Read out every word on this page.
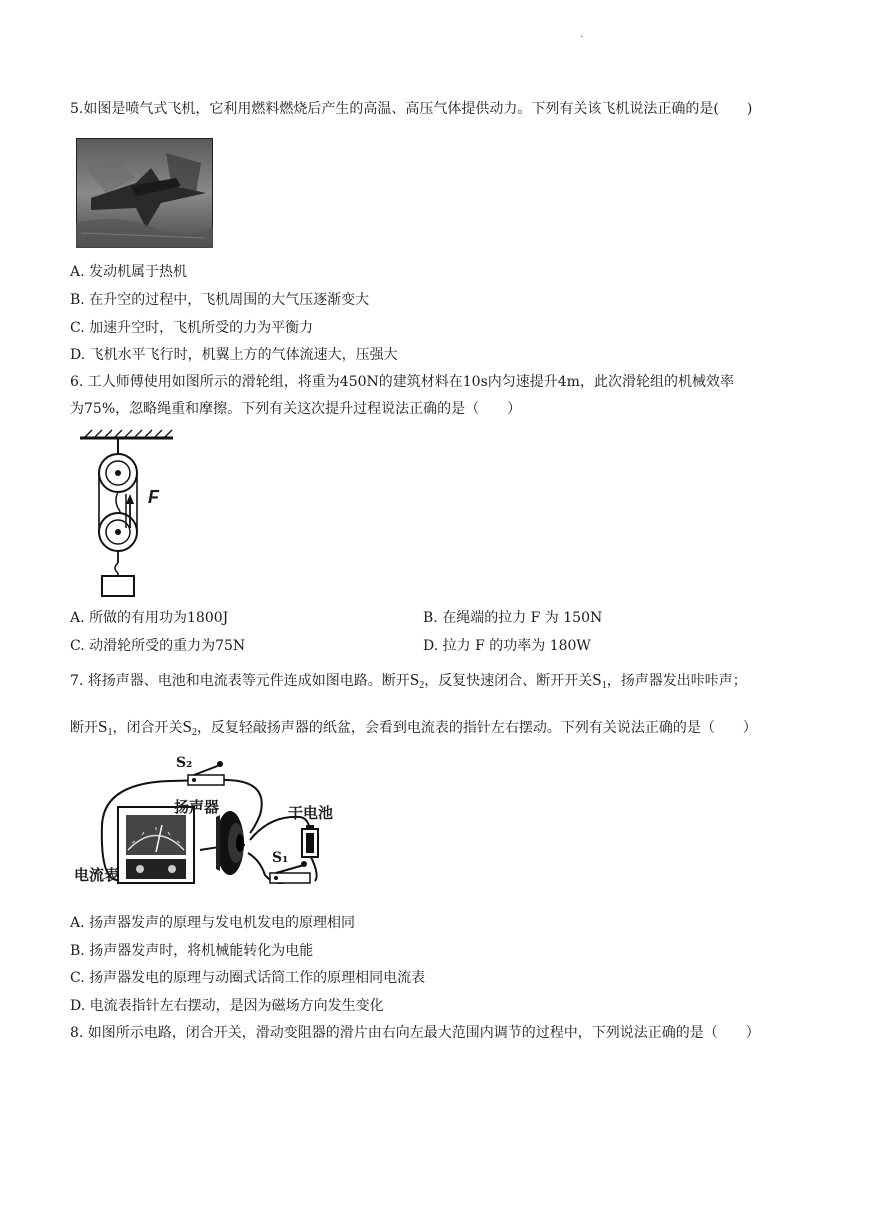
·
5.如图是喷气式飞机，它利用燃料燃烧后产生的高温、高压气体提供动力。下列有关该飞机说法正确的是(　　)
A. 发动机属于热机
B. 在升空的过程中，飞机周围的大气压逐渐变大
C. 加速升空时，飞机所受的力为平衡力
D. 飞机水平飞行时，机翼上方的气体流速大，压强大
6. 工人师傅使用如图所示的滑轮组，将重为450N的建筑材料在10s内匀速提升4m，此次滑轮组的机械效率
为75%，忽略绳重和摩擦。下列有关这次提升过程说法正确的是（　　）
F
A. 所做的有用功为1800J	B. 在绳端的拉力 F 为 150N
C. 动滑轮所受的重力为75N	D. 拉力 F 的功率为 180W
7. 将扬声器、电池和电流表等元件连成如图电路。断开$S_2$，反复快速闭合、断开开关$S_1$，扬声器发出咔咔声；
断开$S_1$，闭合开关$S_2$，反复轻敲扬声器的纸盆，会看到电流表的指针左右摆动。下列有关说法正确的是（　　）
S₂
扬声器	干电池
S₁
电流表
A. 扬声器发声的原理与发电机发电的原理相同
B. 扬声器发声时，将机械能转化为电能
C. 扬声器发电的原理与动圈式话筒工作的原理相同电流表
D. 电流表指针左右摆动，是因为磁场方向发生变化
8. 如图所示电路，闭合开关，滑动变阻器的滑片由右向左最大范围内调节的过程中，下列说法正确的是（　　）
